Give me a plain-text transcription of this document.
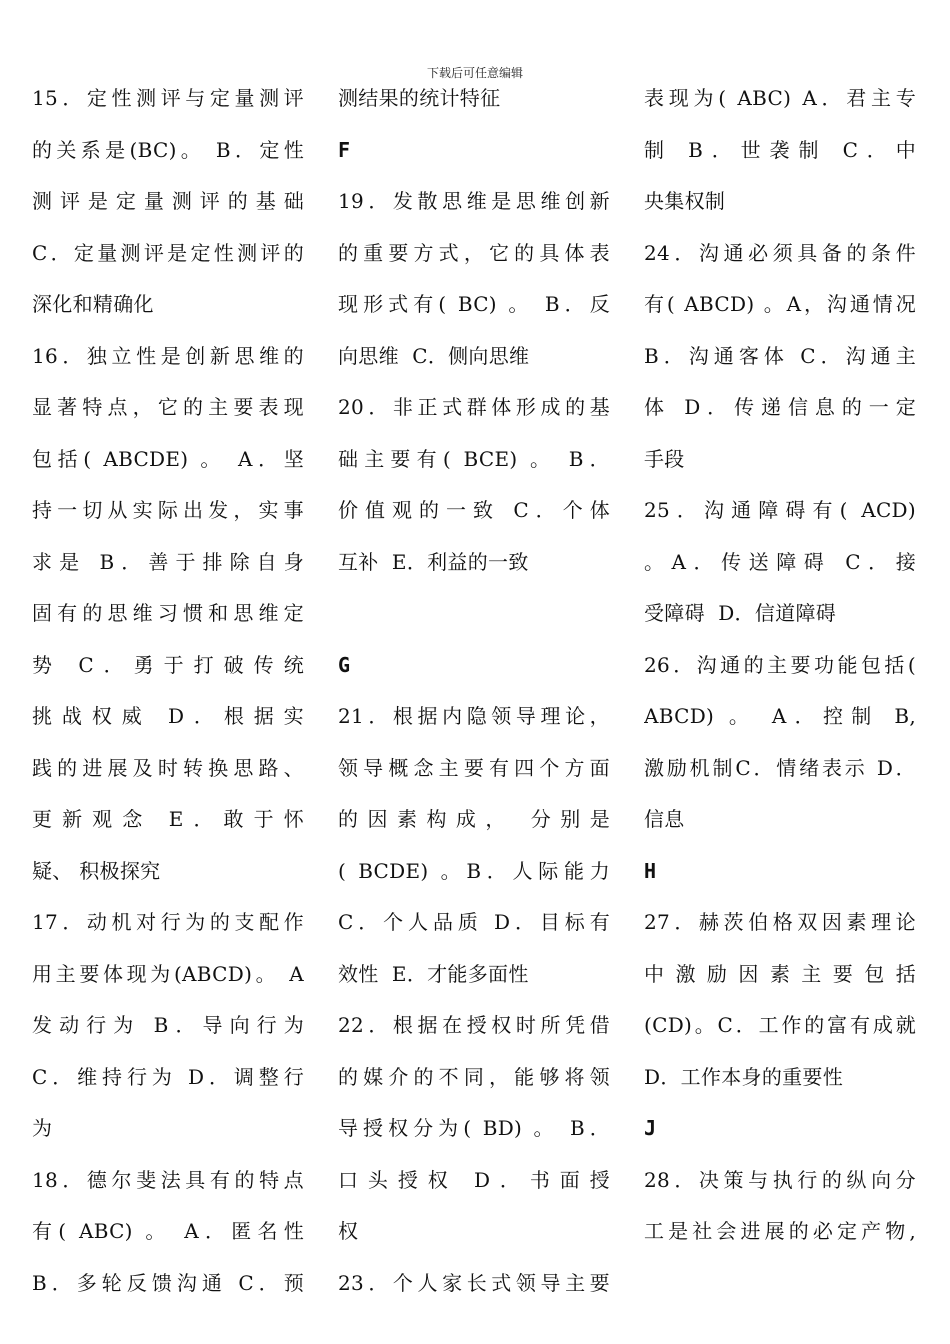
下载后可任意编辑
15．定性测评与定量测评
的关系是(BC)。 B．定性
测评是定量测评的基础
C．定量测评是定性测评的
深化和精确化
16．独立性是创新思维的
显著特点，它的主要表现
包括( ABCDE) 。 A．坚
持一切从实际出发，实事
求是 B．善于排除自身
固有的思维习惯和思维定
势 C．勇于打破传统
挑战权威 D．根据实
践的进展及时转换思路、
更新观念 E．敢于怀
疑、 积极探究
17．动机对行为的支配作
用主要体现为(ABCD)。 A
发动行为 B．导向行为
C．维持行为 D．调整行
为
18．德尔斐法具有的特点
有( ABC) 。 A．匿名性
B．多轮反馈沟通 C．预
测结果的统计特征
F
19．发散思维是思维创新
的重要方式，它的具体表
现形式有( BC) 。 B．反
向思维  C．侧向思维
20．非正式群体形成的基
础主要有( BCE) 。 B．
价值观的一致 C．个体
互补  E．利益的一致
G
21．根据内隐领导理论，
领导概念主要有四个方面
的因素构成， 分别是
( BCDE) 。B．人际能力
C．个人品质 D．目标有
效性  E．才能多面性
22．根据在授权时所凭借
的媒介的不同，能够将领
导授权分为( BD) 。 B．
口头授权 D．书面授
权
23．个人家长式领导主要
表现为( ABC) A．君主专
制 B．世袭制 C．中
央集权制
24．沟通必须具备的条件
有( ABCD) 。A，沟通情况
B．沟通客体 C．沟通主
体 D．传递信息的一定
手段
25．沟通障碍有( ACD)
。A．传送障碍 C．接
受障碍  D．信道障碍
26．沟通的主要功能包括(
ABCD) 。 A．控制 B,
激励机制C．情绪表示 D．
信息
H
27．赫茨伯格双因素理论
中激励因素主要包括
(CD)。C．工作的富有成就
D．工作本身的重要性
J
28．决策与执行的纵向分
工是社会进展的必定产物,
